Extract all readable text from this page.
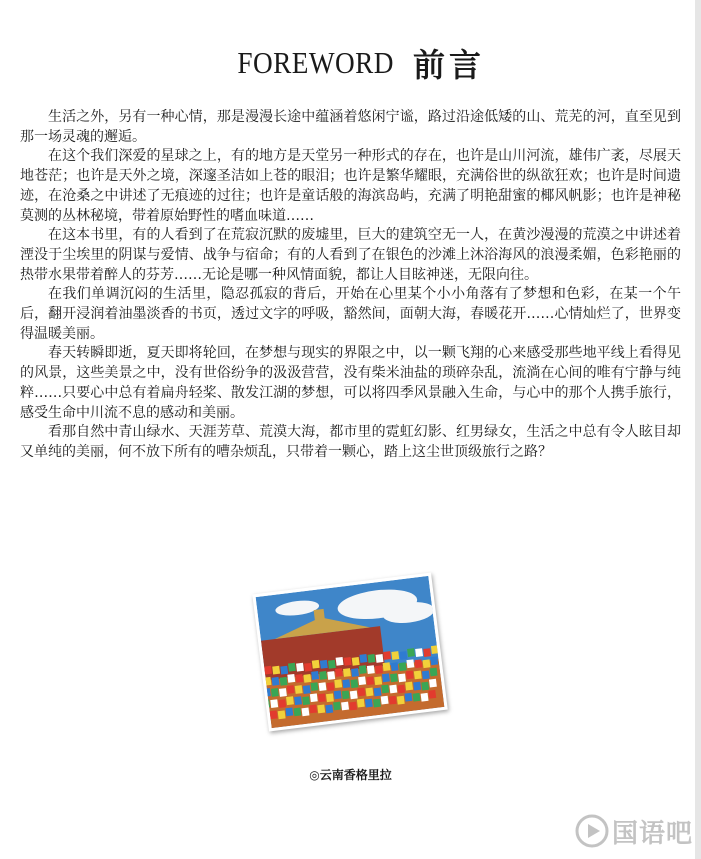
FOREWORD 前言

生活之外，另有一种心情，那是漫漫长途中蕴涵着悠闲宁谧，路过沿途低矮的山、荒芜的河，直至见到那一场灵魂的邂逅。

在这个我们深爱的星球之上，有的地方是天堂另一种形式的存在，也许是山川河流，雄伟广袤，尽展天地苍茫；也许是天外之境，深邃圣洁如上苍的眼泪；也许是繁华耀眼，充满俗世的纵欲狂欢；也许是时间遗迹，在沧桑之中讲述了无痕迹的过往；也许是童话般的海滨岛屿，充满了明艳甜蜜的椰风帆影；也许是神秘莫测的丛林秘境，带着原始野性的嗜血味道……

在这本书里，有的人看到了在荒寂沉默的废墟里，巨大的建筑空无一人，在黄沙漫漫的荒漠之中讲述着湮没于尘埃里的阴谋与爱情、战争与宿命；有的人看到了在银色的沙滩上沐浴海风的浪漫柔媚，色彩艳丽的热带水果带着醉人的芬芳……无论是哪一种风情面貌，都让人目眩神迷，无限向往。

在我们单调沉闷的生活里，隐忍孤寂的背后，开始在心里某个小小角落有了梦想和色彩，在某一个午后，翻开浸润着油墨淡香的书页，透过文字的呼吸，豁然间，面朝大海，春暖花开……心情灿烂了，世界变得温暖美丽。

春天转瞬即逝，夏天即将轮回，在梦想与现实的界限之中，以一颗飞翔的心来感受那些地平线上看得见的风景，这些美景之中，没有世俗纷争的汲汲营营，没有柴米油盐的琐碎杂乱，流淌在心间的唯有宁静与纯粹……只要心中总有着扁舟轻桨、散发江湖的梦想，可以将四季风景融入生命，与心中的那个人携手旅行，感受生命中川流不息的感动和美丽。

看那自然中青山绿水、天涯芳草、荒漠大海，都市里的霓虹幻影、红男绿女，生活之中总有令人眩目却又单纯的美丽，何不放下所有的嘈杂烦乱，只带着一颗心，踏上这尘世顶级旅行之路？

◎云南香格里拉
国语吧
